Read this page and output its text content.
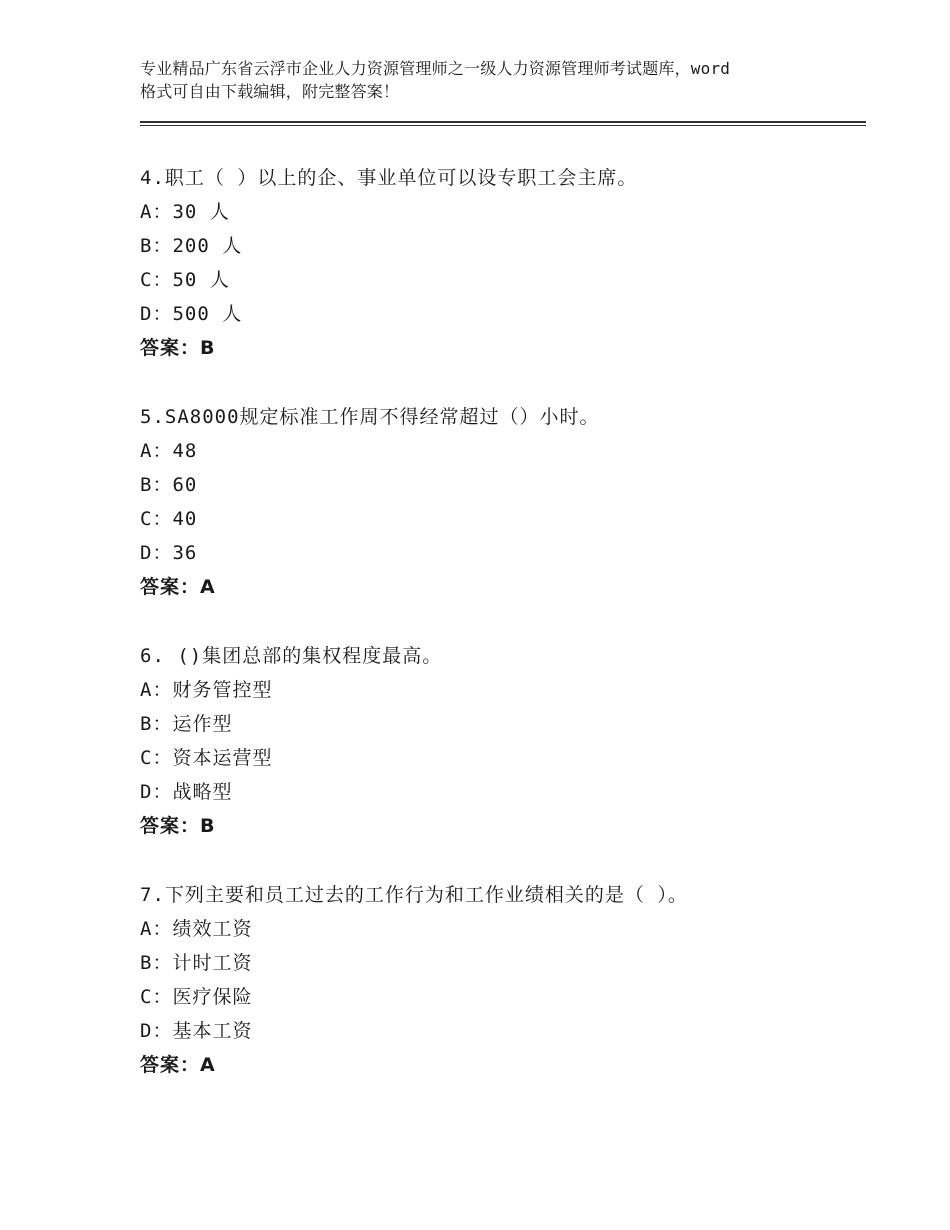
专业精品广东省云浮市企业人力资源管理师之一级人力资源管理师考试题库，word
格式可自由下载编辑，附完整答案！
4.职工（ ）以上的企、事业单位可以设专职工会主席。
A：30 人
B：200 人
C：50 人
D：500 人
答案：B
5.SA8000规定标准工作周不得经常超过（）小时。
A：48
B：60
C：40
D：36
答案：A
6. ()集团总部的集权程度最高。
A：财务管控型
B：运作型
C：资本运营型
D：战略型
答案：B
7.下列主要和员工过去的工作行为和工作业绩相关的是（ ）。
A：绩效工资
B：计时工资
C：医疗保险
D：基本工资
答案：A
